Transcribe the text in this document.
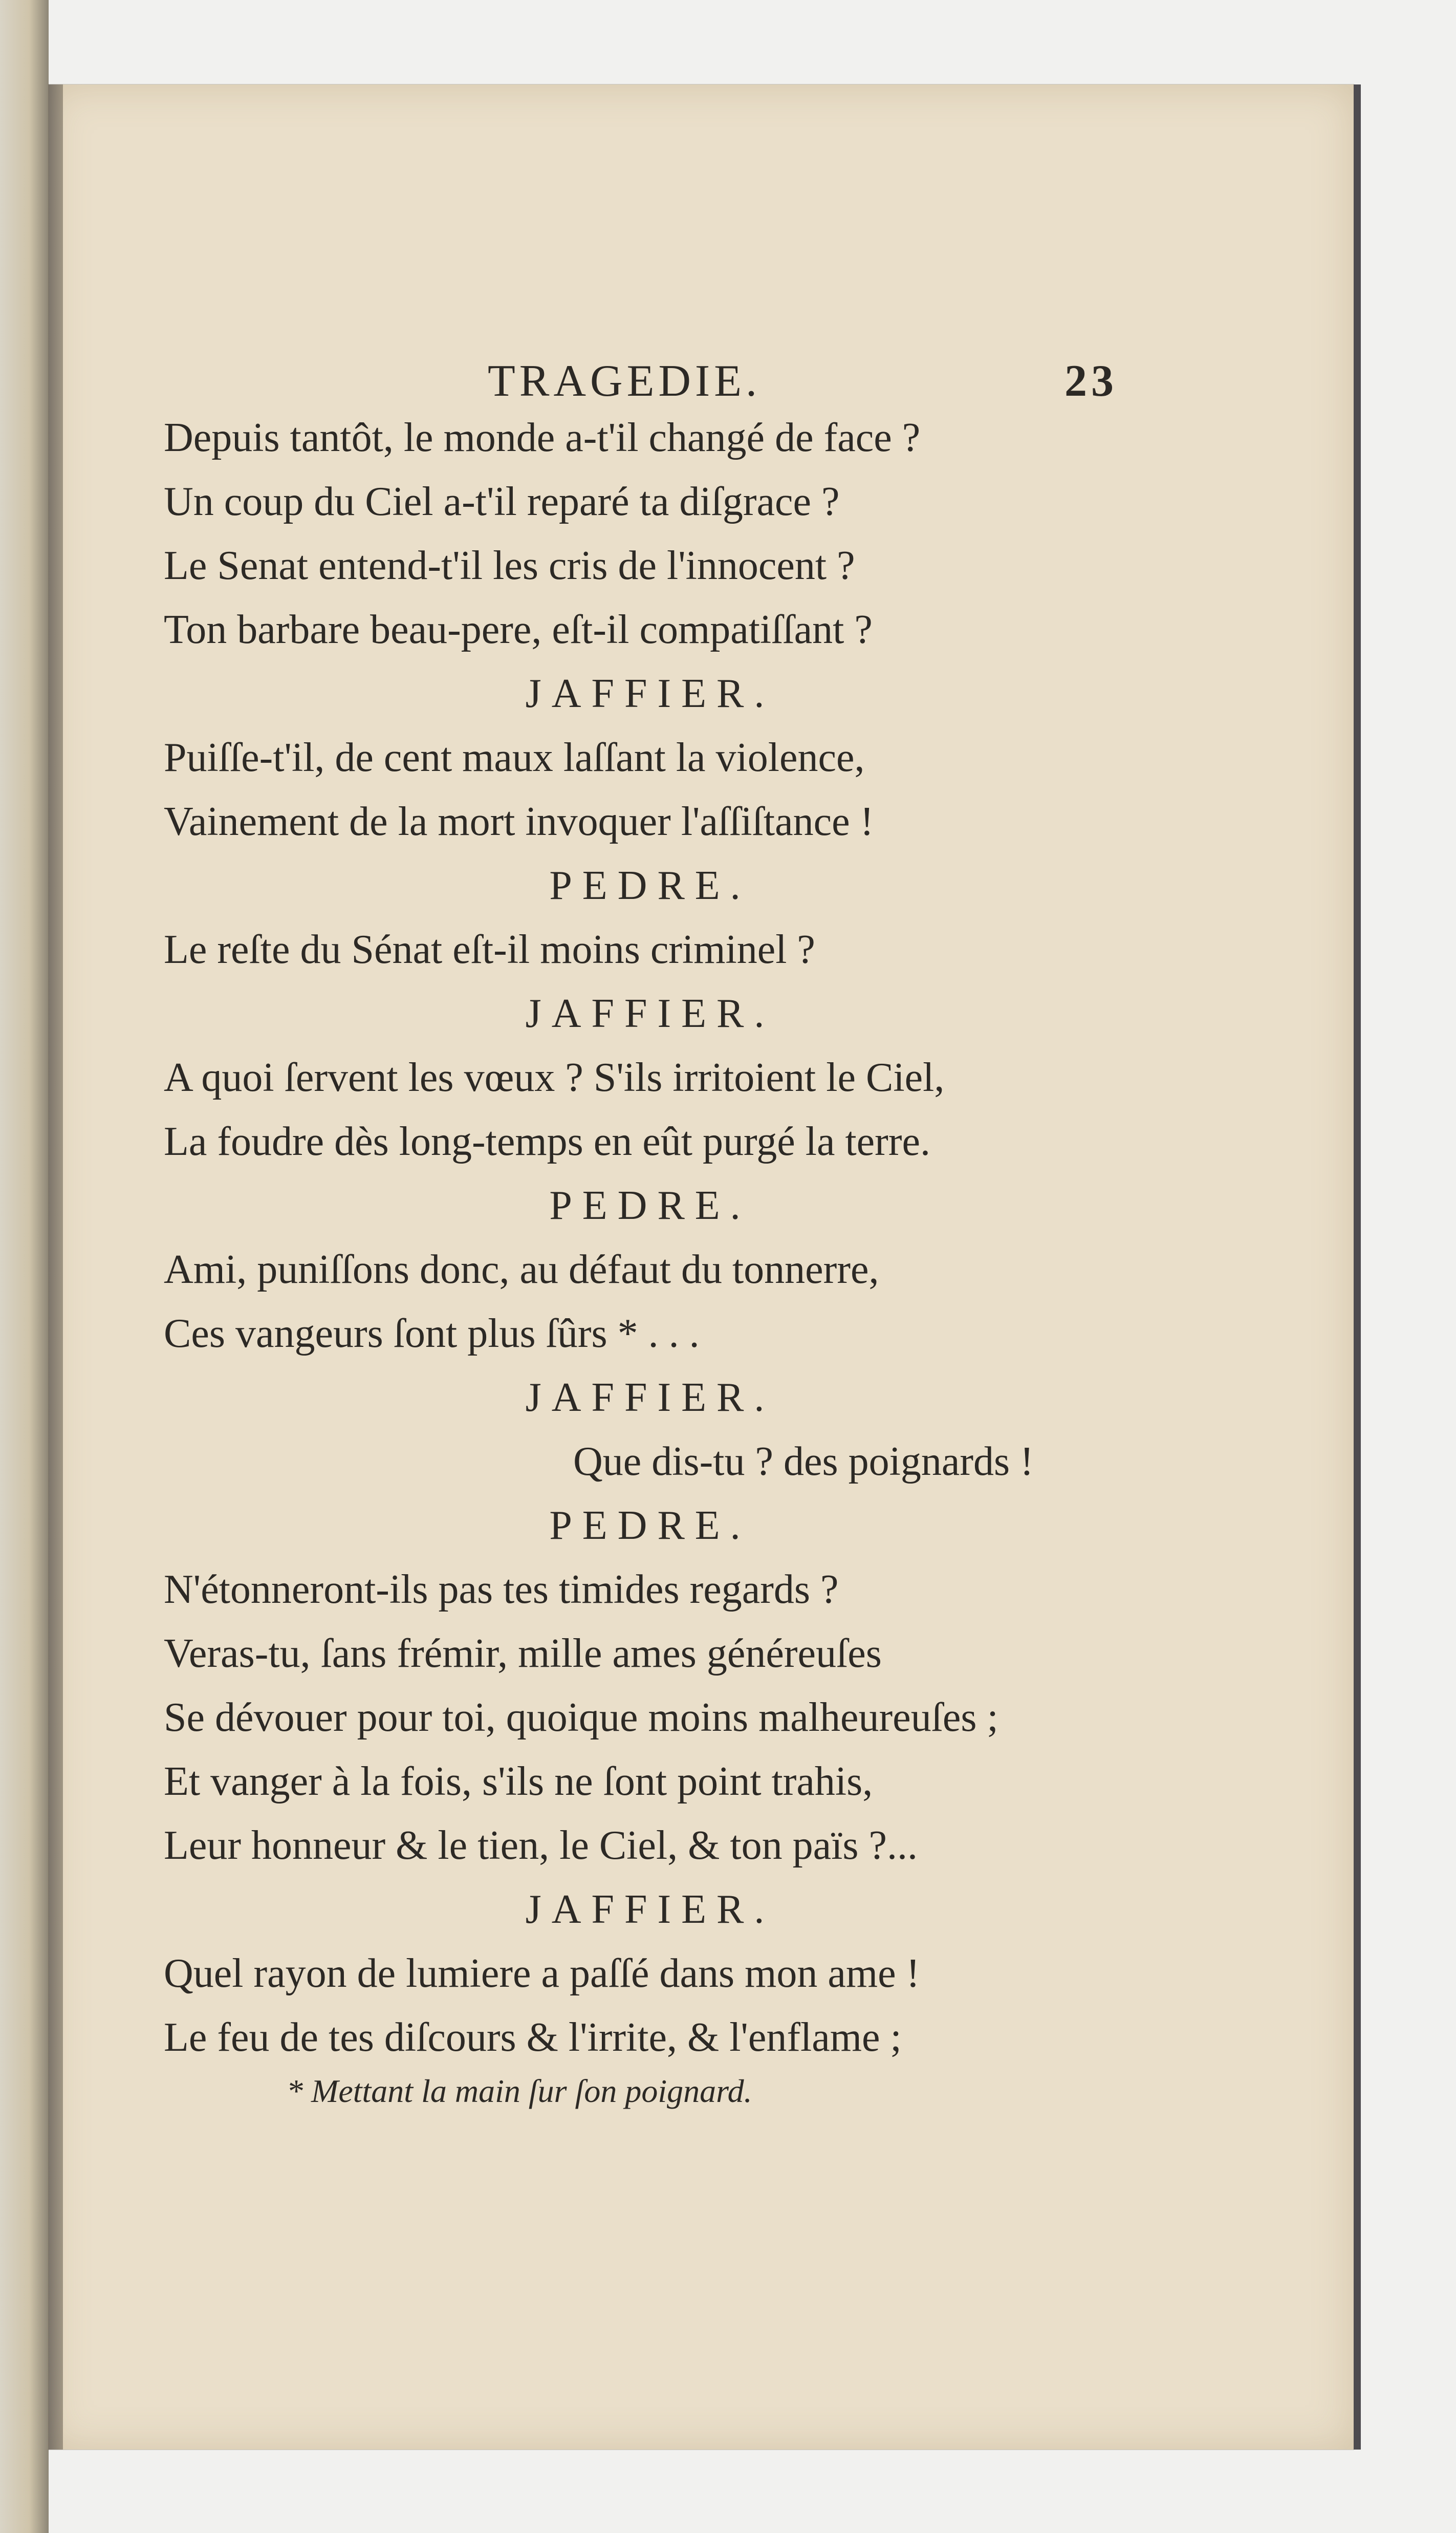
TRAGEDIE.	23
Depuis tantôt, le monde a-t'il changé de face ?
Un coup du Ciel a-t'il reparé ta diſgrace ?
Le Senat entend-t'il les cris de l'innocent ?
Ton barbare beau-pere, eſt-il compatiſſant ?
JAFFIER.
Puiſſe-t'il, de cent maux laſſant la violence,
Vainement de la mort invoquer l'aſſiſtance !
PEDRE.
Le reſte du Sénat eſt-il moins criminel ?
JAFFIER.
A quoi ſervent les vœux ? S'ils irritoient le Ciel,
La foudre dès long-temps en eût purgé la terre.
PEDRE.
Ami, puniſſons donc, au défaut du tonnerre,
Ces vangeurs ſont plus ſûrs * . . .
JAFFIER.
Que dis-tu ? des poignards !
PEDRE.
N'étonneront-ils pas tes timides regards ?
Veras-tu, ſans frémir, mille ames généreuſes
Se dévouer pour toi, quoique moins malheureuſes ;
Et vanger à la fois, s'ils ne ſont point trahis,
Leur honneur & le tien, le Ciel, & ton païs ?...
JAFFIER.
Quel rayon de lumiere a paſſé dans mon ame !
Le feu de tes diſcours & l'irrite, & l'enflame ;
* Mettant la main ſur ſon poignard.
